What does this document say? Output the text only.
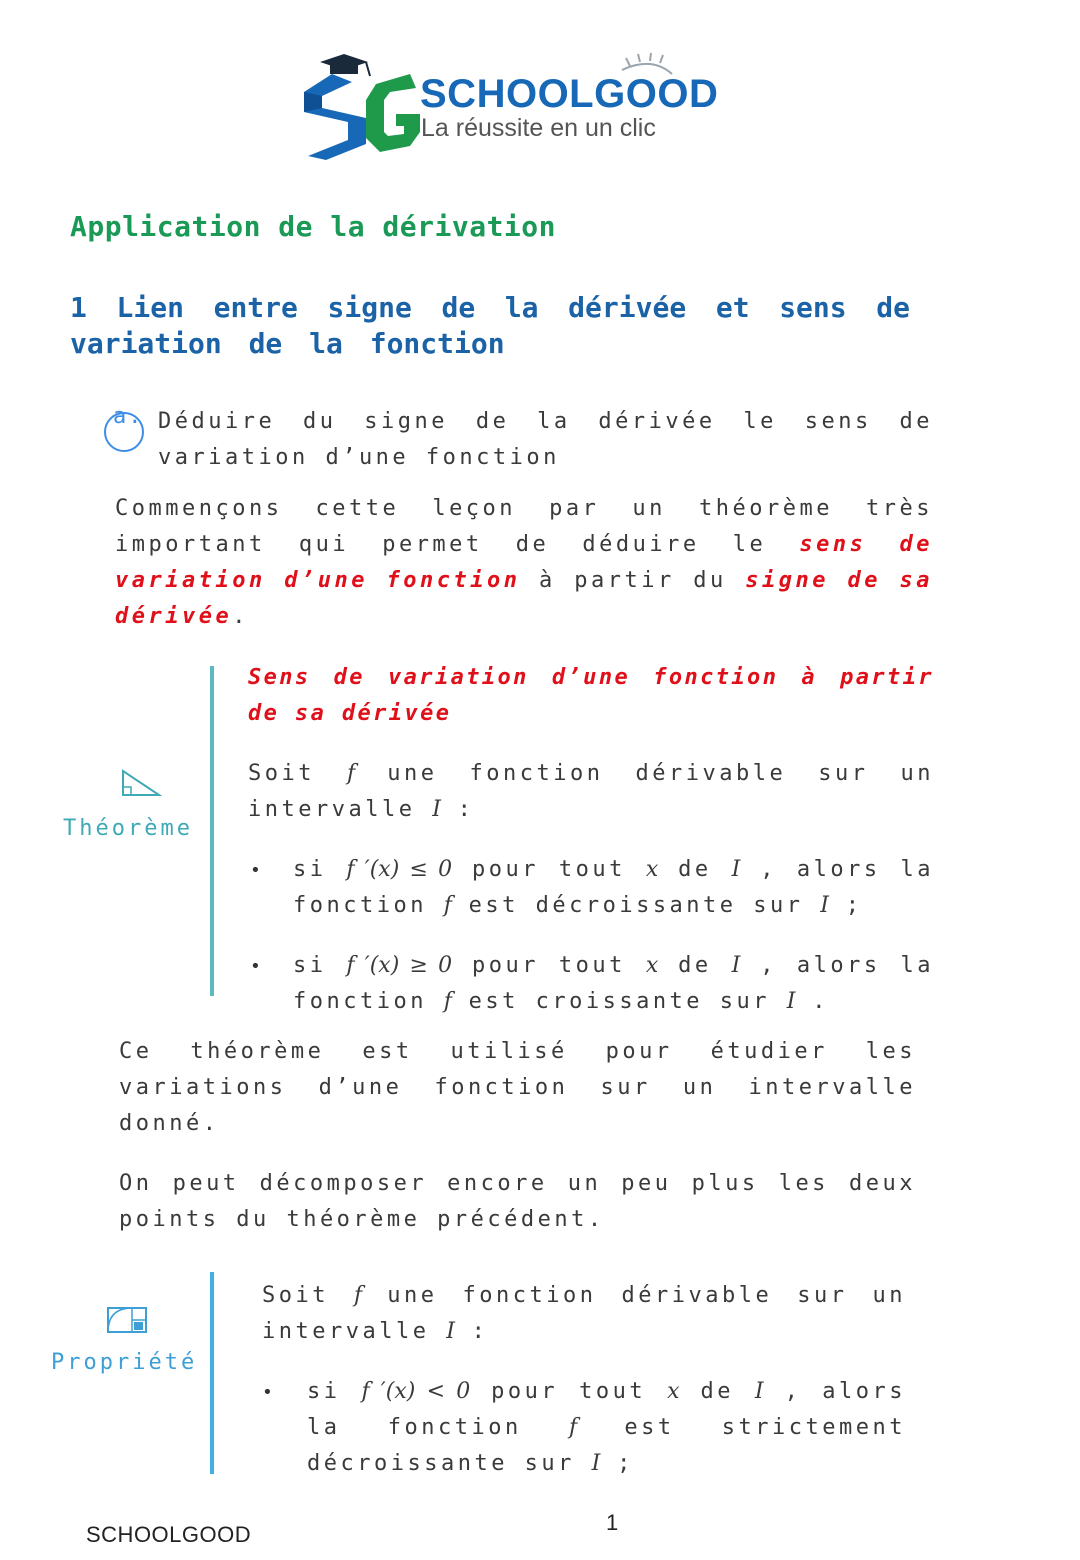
SCHOOLGOOD
La réussite en un clic
Application de la dérivation
1 Lien entre signe de la dérivée et sens de variation de la fonction
a. Déduire du signe de la dérivée le sens de variation d’une fonction
Commençons cette leçon par un théorème très important qui permet de déduire le sens de variation d’une fonction à partir du signe de sa dérivée.
Théorème
Sens de variation d’une fonction à partir de sa dérivée
Soit f une fonction dérivable sur un intervalle I :
• si f ′(x) ≤ 0 pour tout x de I , alors la fonction f est décroissante sur I ;
• si f ′(x) ≥ 0 pour tout x de I , alors la fonction f est croissante sur I .
Ce théorème est utilisé pour étudier les variations d’une fonction sur un intervalle donné.
On peut décomposer encore un peu plus les deux points du théorème précédent.
Propriété
Soit f une fonction dérivable sur un intervalle I :
• si f ′(x) < 0 pour tout x de I , alors la fonction f est strictement décroissante sur I ;
1
SCHOOLGOOD
